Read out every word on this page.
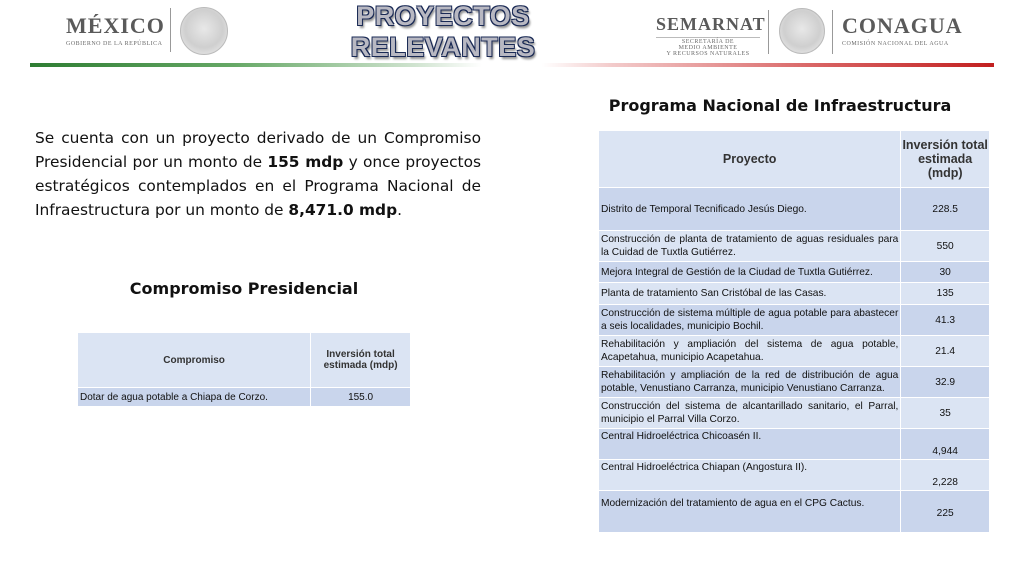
MÉXICO
GOBIERNO DE LA REPÚBLICA
PROYECTOS RELEVANTES
SEMARNAT
SECRETARÍA DE
MEDIO AMBIENTE
Y RECURSOS NATURALES
CONAGUA
COMISIÓN NACIONAL DEL AGUA
Se cuenta con un proyecto derivado de un Compromiso Presidencial por un monto de 155 mdp y once proyectos estratégicos contemplados en el Programa Nacional de Infraestructura por un monto de 8,471.0 mdp.
Compromiso Presidencial
Compromiso	Inversión total estimada (mdp)
Dotar de agua potable a Chiapa de Corzo.	155.0
Programa Nacional de Infraestructura
Proyecto	Inversión total estimada (mdp)
Distrito de Temporal Tecnificado Jesús Diego.	228.5
Construcción de planta de tratamiento de aguas residuales para la Cuidad de Tuxtla Gutiérrez.	550
Mejora Integral de Gestión de la Ciudad de Tuxtla Gutiérrez.	30
Planta de tratamiento San Cristóbal de las Casas.	135
Construcción de sistema múltiple de agua potable para abastecer a seis localidades, municipio Bochil.	41.3
Rehabilitación y ampliación del sistema de agua potable, Acapetahua, municipio Acapetahua.	21.4
Rehabilitación y ampliación de la red de distribución de agua potable, Venustiano Carranza, municipio Venustiano Carranza.	32.9
Construcción del sistema de alcantarillado sanitario, el Parral, municipio el Parral Villa Corzo.	35
Central Hidroeléctrica Chicoasén II.	4,944
Central Hidroeléctrica Chiapan (Angostura II).	2,228
Modernización del tratamiento de agua en el CPG Cactus.	225
